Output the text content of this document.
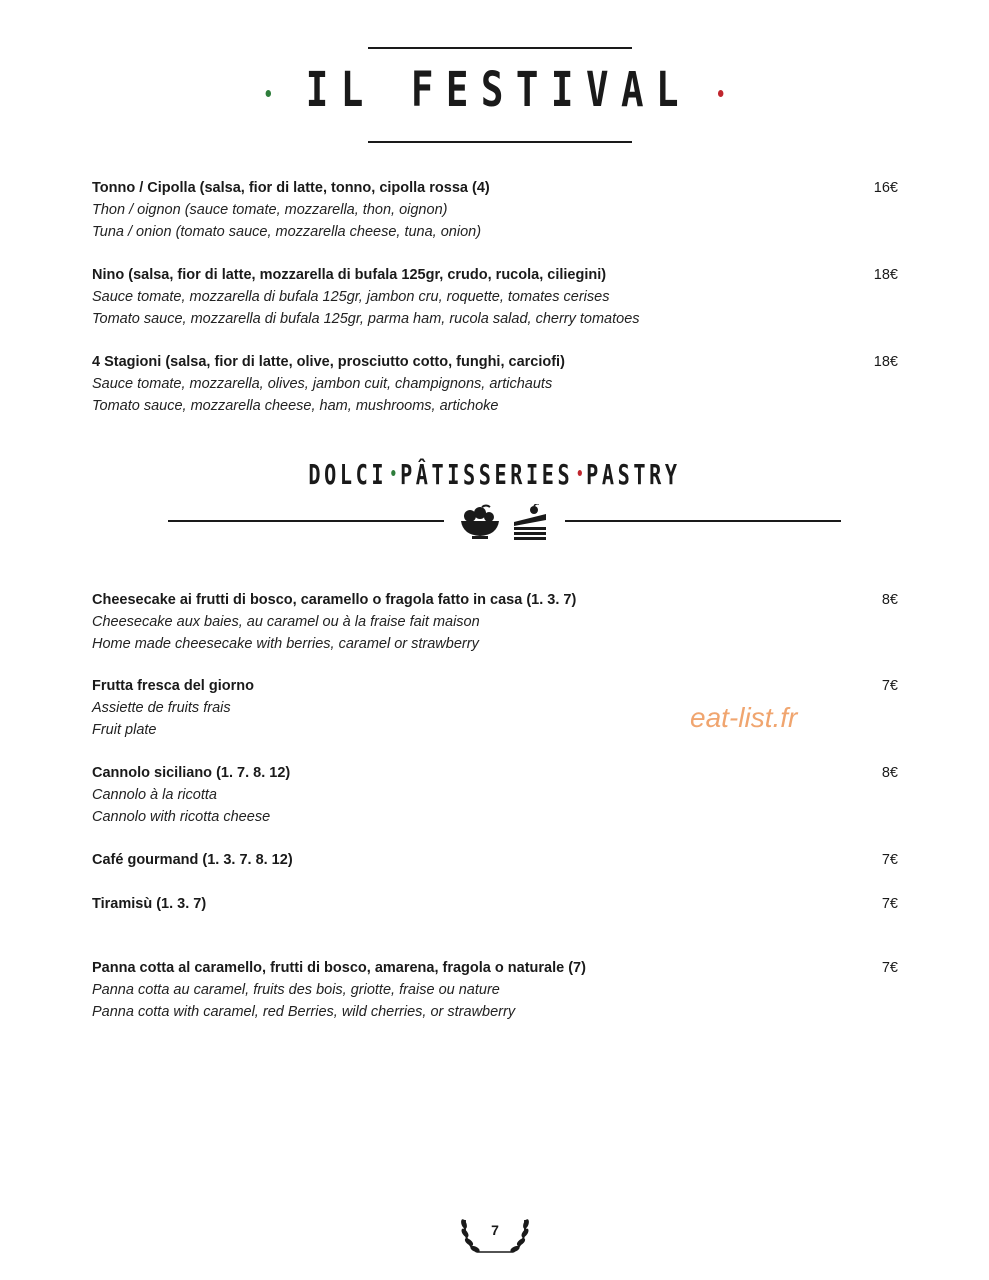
IL FESTIVAL
Tonno / Cipolla (salsa, fior di latte, tonno, cipolla rossa (4)
Thon / oignon (sauce tomate, mozzarella, thon, oignon)
Tuna / onion (tomato sauce, mozzarella cheese, tuna, onion)
16€
Nino (salsa, fior di latte, mozzarella di bufala 125gr, crudo, rucola, ciliegini)
Sauce tomate, mozzarella di bufala 125gr, jambon cru, roquette, tomates cerises
Tomato sauce, mozzarella di bufala 125gr, parma ham, rucola salad, cherry tomatoes
18€
4 Stagioni (salsa, fior di latte, olive, prosciutto cotto, funghi, carciofi)
Sauce tomate, mozzarella, olives, jambon cuit, champignons, artichauts
Tomato sauce, mozzarella cheese, ham, mushrooms, artichoke
18€
DOLCI PÂTISSERIES PASTRY
Cheesecake ai frutti di bosco, caramello o fragola fatto in casa (1. 3. 7)
Cheesecake aux baies, au caramel ou à la fraise fait maison
Home made cheesecake with berries, caramel or strawberry
8€
Frutta fresca del giorno
Assiette de fruits frais
Fruit plate
7€
Cannolo siciliano (1. 7. 8. 12)
Cannolo à la ricotta
Cannolo with ricotta cheese
8€
Café gourmand (1. 3. 7. 8. 12)	7€
Tiramisù (1. 3. 7)	7€
Panna cotta al caramello, frutti di bosco, amarena, fragola o naturale (7)
Panna cotta au caramel, fruits des bois, griotte, fraise ou nature
Panna cotta with caramel, red Berries, wild cherries, or strawberry
7€
eat-list.fr
7
